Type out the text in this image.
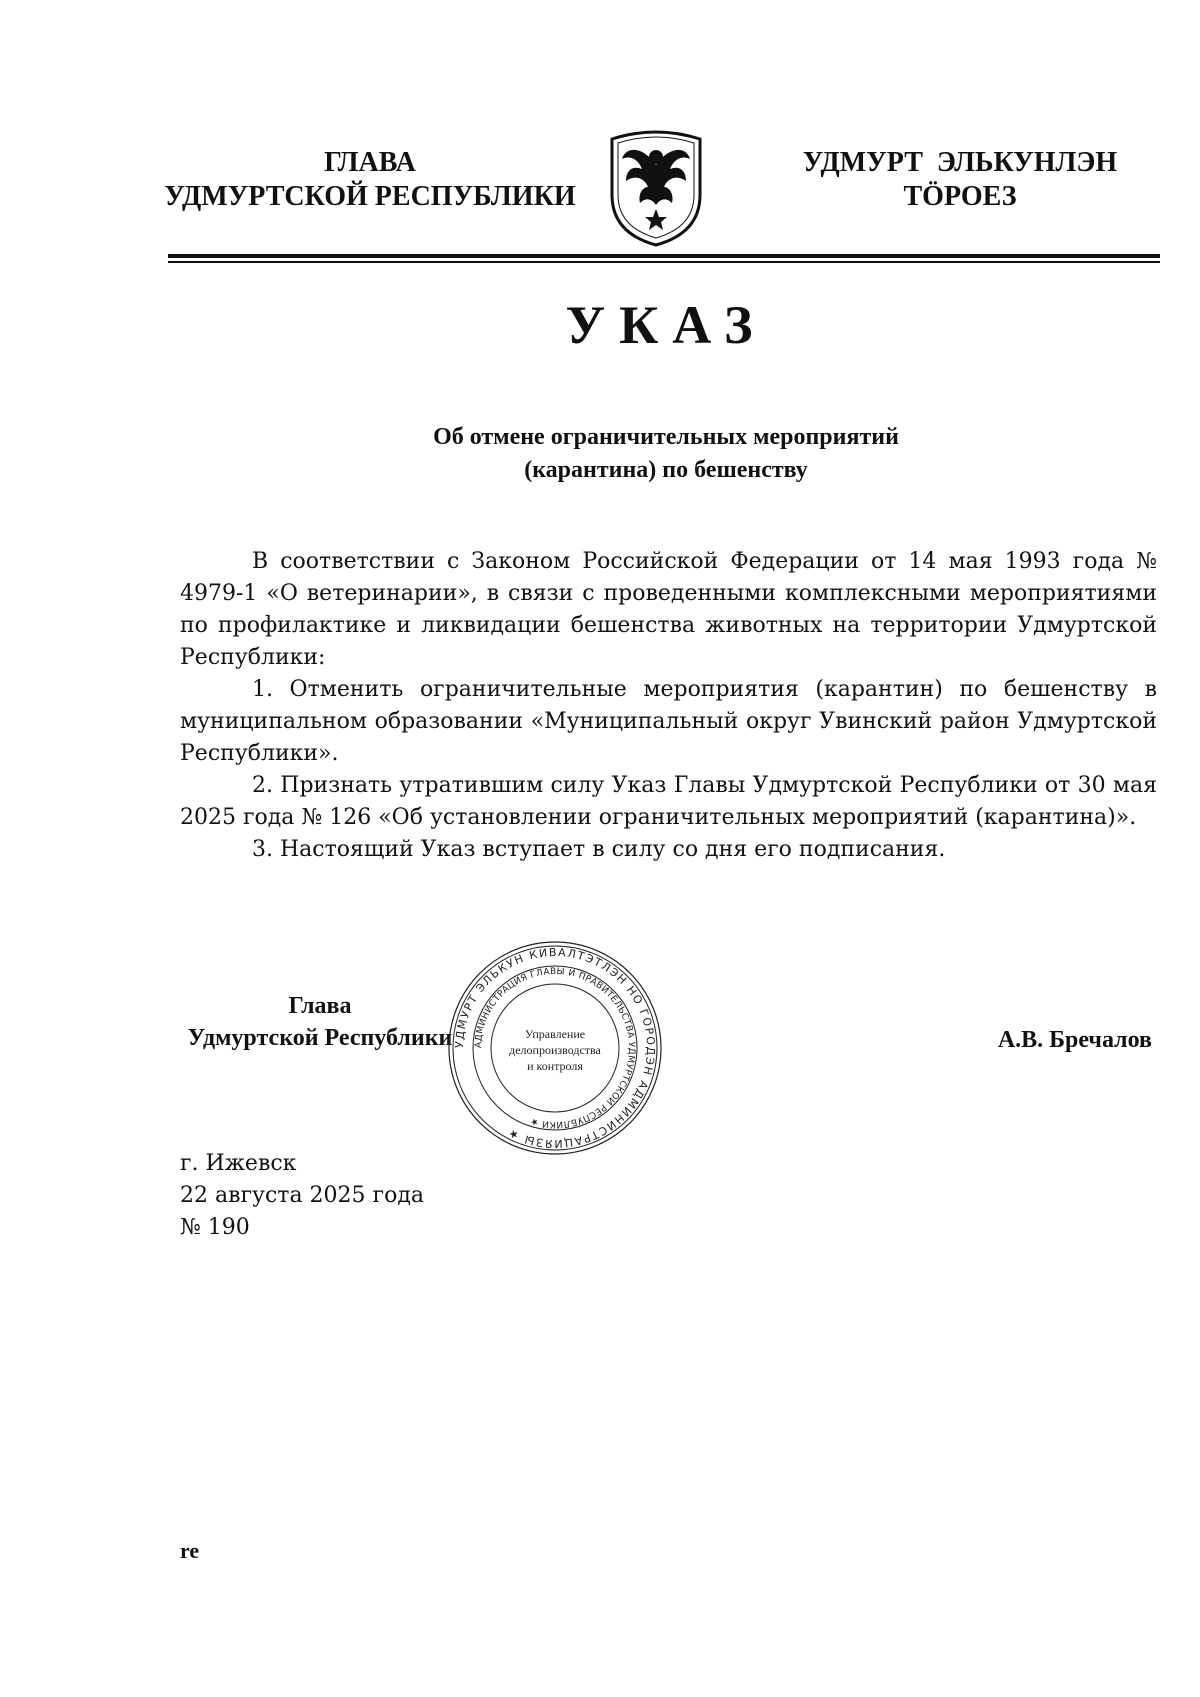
ГЛАВА
УДМУРТСКОЙ РЕСПУБЛИКИ
УДМУРТ  ЭЛЬКУНЛЭН
ТӦРОЕЗ
УКАЗ
Об отмене ограничительных мероприятий
(карантина) по бешенству

В соответствии с Законом Российской Федерации от 14 мая 1993 года № 4979-1 «О ветеринарии», в связи с проведенными комплексными мероприятиями по профилактике и ликвидации бешенства животных на территории Удмуртской Республики:

1. Отменить ограничительные мероприятия (карантин) по бешенству в муниципальном образовании «Муниципальный округ Увинский район Удмуртской Республики».

2. Признать утратившим силу Указ Главы Удмуртской Республики от 30 мая 2025 года № 126 «Об установлении ограничительных мероприятий (карантина)».

3. Настоящий Указ вступает в силу со дня его подписания.

Глава
Удмуртской Республики УДМУРТ ЭЛЬКУН КИВАЛТЭТЛЭН НО ГОРОДЭН АДМИНИСТРАЦИЯЗЫ ★
АДМИНИСТРАЦИЯ ГЛАВЫ И ПРАВИТЕЛЬСТВА УДМУРТСКОЙ РЕСПУБЛИКИ ★
Управление
делопроизводства
и контроля
А.В. Бречалов
г. Ижевск
22 августа 2025 года
№ 190
re
